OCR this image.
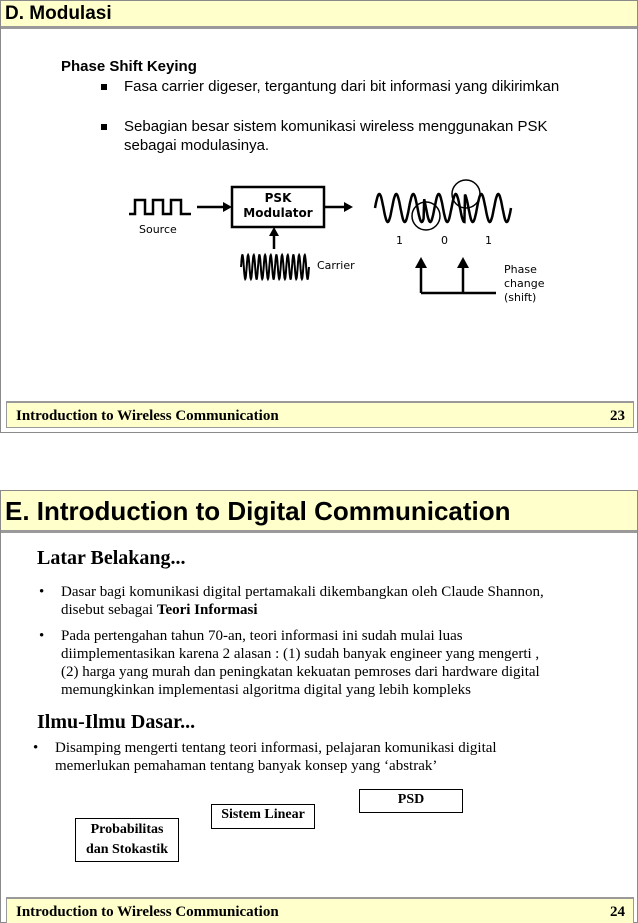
D. Modulasi
Phase Shift Keying
Fasa carrier digeser, tergantung dari bit informasi yang dikirimkan
Sebagian besar sistem komunikasi wireless menggunakan PSK sebagai modulasinya.
PSK
Modulator
Source
Carrier
1	0	1
Phase
change
(shift)
Introduction to Wireless Communication	23
E. Introduction to Digital Communication
Latar Belakang...
• Dasar bagi komunikasi digital pertamakali dikembangkan oleh Claude Shannon,
disebut sebagai Teori Informasi
• Pada pertengahan tahun 70-an, teori informasi ini sudah mulai luas
diimplementasikan karena 2 alasan : (1) sudah banyak engineer yang mengerti ,
(2) harga yang murah dan peningkatan kekuatan pemroses dari hardware digital
memungkinkan implementasi algoritma digital yang lebih kompleks
Ilmu-Ilmu Dasar...
• Disamping mengerti tentang teori informasi, pelajaran komunikasi digital
memerlukan pemahaman tentang banyak konsep yang ‘abstrak’
PSD
Sistem Linear
Probabilitas
dan Stokastik
Introduction to Wireless Communication	24
